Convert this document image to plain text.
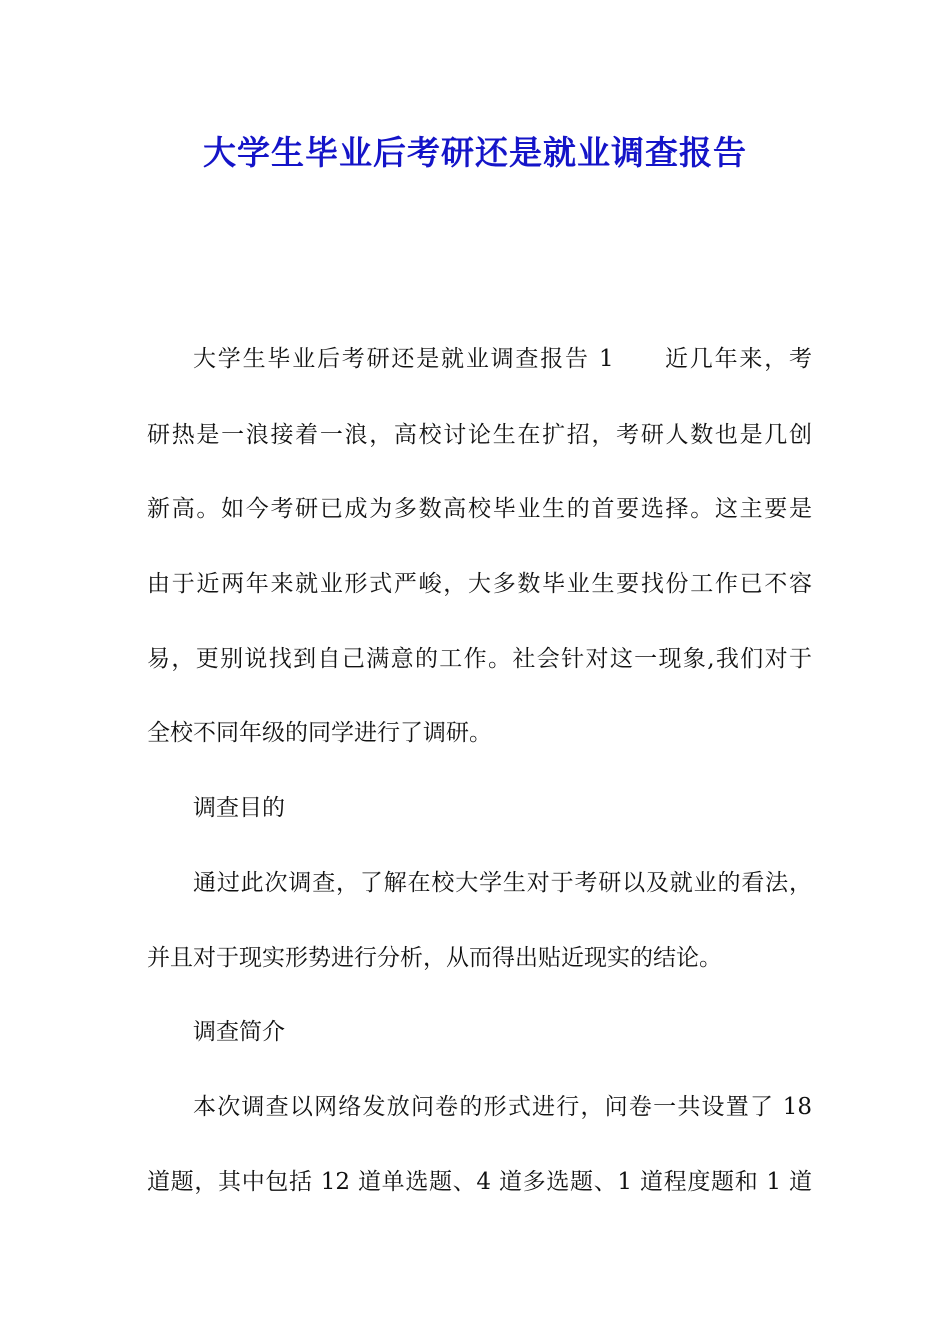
大学生毕业后考研还是就业调查报告
大学生毕业后考研还是就业调查报告 1　　近几年来，考
研热是一浪接着一浪，高校讨论生在扩招，考研人数也是几创
新高。如今考研已成为多数高校毕业生的首要选择。这主要是
由于近两年来就业形式严峻，大多数毕业生要找份工作已不容
易，更别说找到自己满意的工作。社会针对这一现象,我们对于
全校不同年级的同学进行了调研。
调查目的
通过此次调查，了解在校大学生对于考研以及就业的看法，
并且对于现实形势进行分析，从而得出贴近现实的结论。
调查简介
本次调查以网络发放问卷的形式进行，问卷一共设置了 18
道题，其中包括 12 道单选题、4 道多选题、1 道程度题和 1 道
